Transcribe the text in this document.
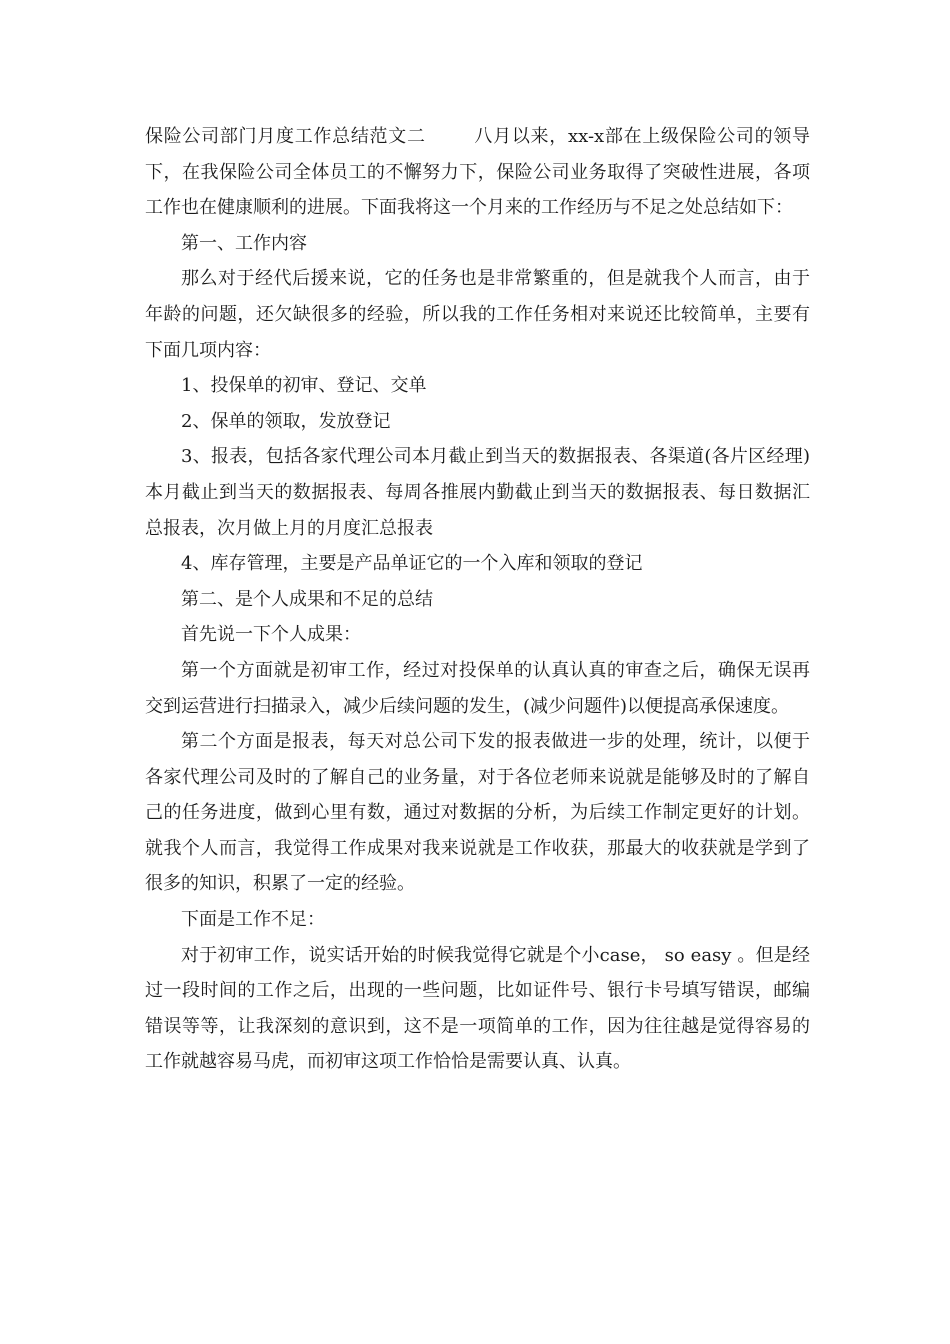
保险公司部门月度工作总结范文二	八月以来，xx-x部在上级保险公司的领导下，在我保险公司全体员工的不懈努力下，保险公司业务取得了突破性进展，各项工作也在健康顺利的进展。下面我将这一个月来的工作经历与不足之处总结如下：

第一、工作内容

那么对于经代后援来说，它的任务也是非常繁重的，但是就我个人而言，由于年龄的问题，还欠缺很多的经验，所以我的工作任务相对来说还比较简单，主要有下面几项内容：

1、投保单的初审、登记、交单

2、保单的领取，发放登记

3、报表，包括各家代理公司本月截止到当天的数据报表、各渠道(各片区经理)本月截止到当天的数据报表、每周各推展内勤截止到当天的数据报表、每日数据汇总报表，次月做上月的月度汇总报表

4、库存管理，主要是产品单证它的一个入库和领取的登记

第二、是个人成果和不足的总结

首先说一下个人成果：

第一个方面就是初审工作，经过对投保单的认真认真的审查之后，确保无误再交到运营进行扫描录入，减少后续问题的发生，(减少问题件)以便提高承保速度。

第二个方面是报表，每天对总公司下发的报表做进一步的处理，统计，以便于各家代理公司及时的了解自己的业务量，对于各位老师来说就是能够及时的了解自己的任务进度，做到心里有数，通过对数据的分析，为后续工作制定更好的计划。就我个人而言，我觉得工作成果对我来说就是工作收获，那最大的收获就是学到了很多的知识，积累了一定的经验。

下面是工作不足：

对于初审工作，说实话开始的时候我觉得它就是个小case， so easy 。但是经过一段时间的工作之后，出现的一些问题，比如证件号、银行卡号填写错误，邮编错误等等，让我深刻的意识到，这不是一项简单的工作，因为往往越是觉得容易的工作就越容易马虎，而初审这项工作恰恰是需要认真、认真。
